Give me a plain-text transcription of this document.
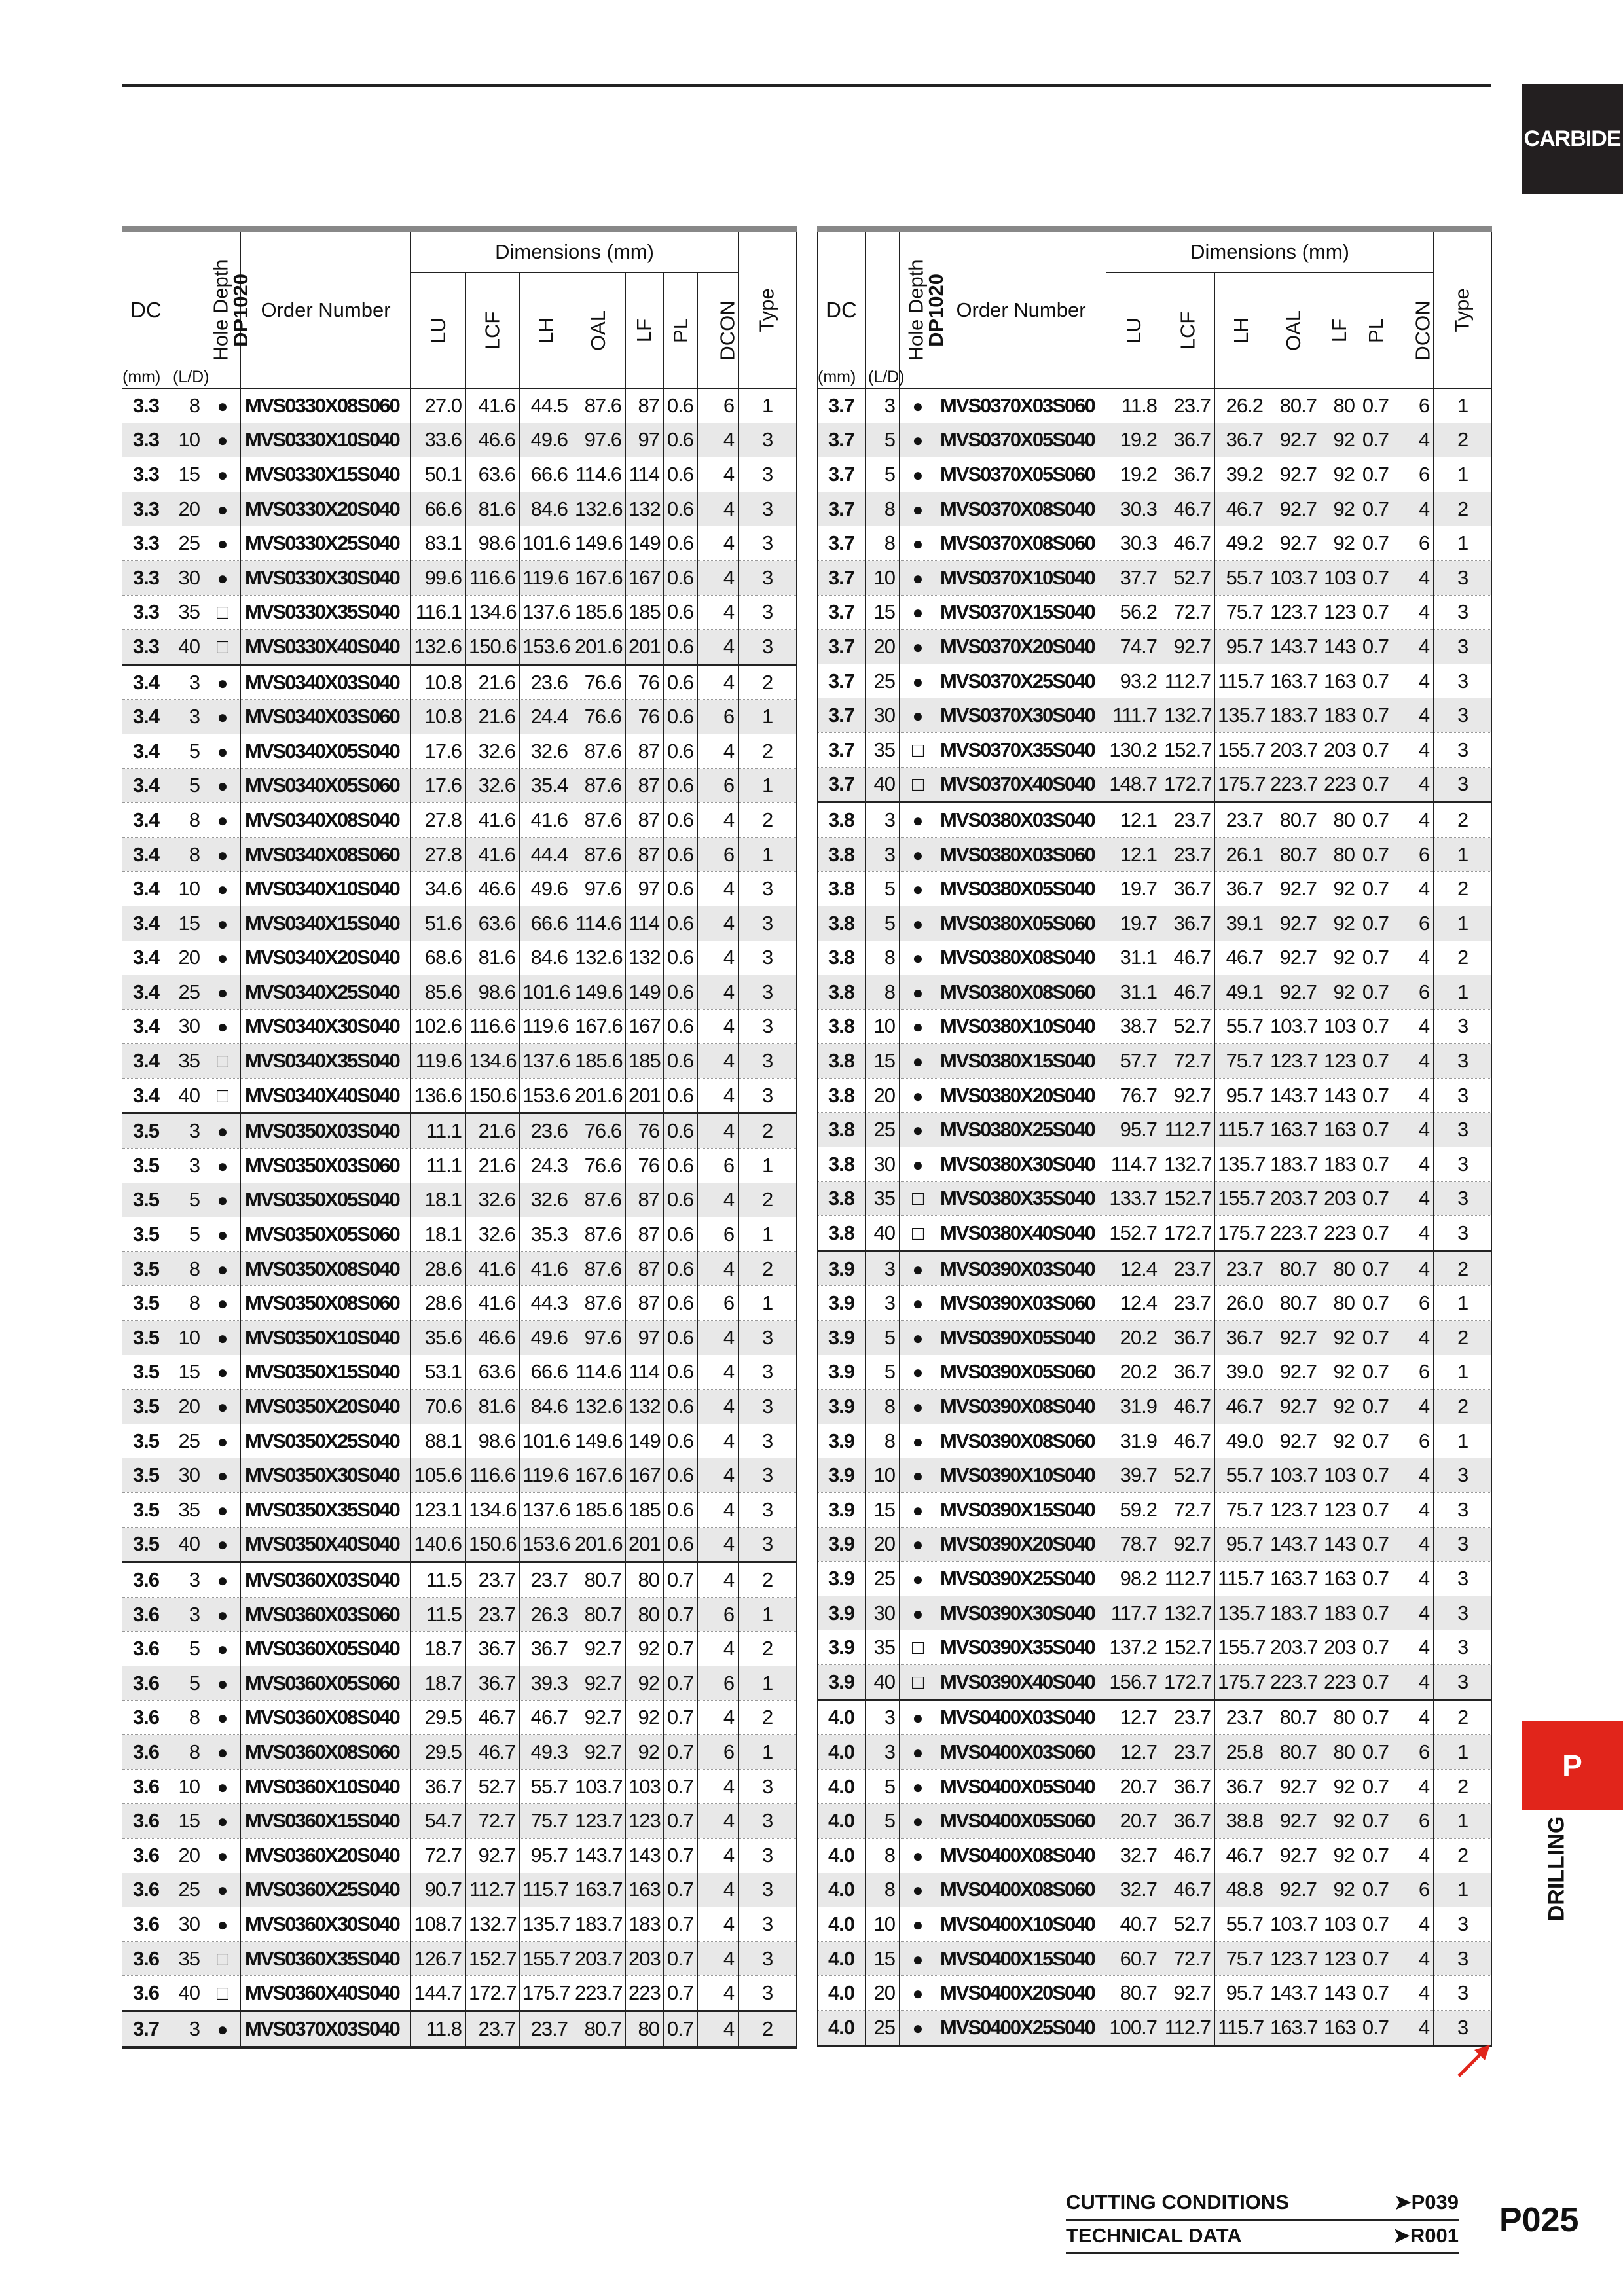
CARBIDE
P
DRILLING
DC
(mm)	Hole Depth
(L/D)	DP1020	Order Number	Dimensions (mm)							Type
				LU	LCF	LH	OAL	LF	PL	DCON	
3.3	8	●	MVS0330X08S060	27.0	41.6	44.5	87.6	87	0.6	6	1
3.3	10	●	MVS0330X10S040	33.6	46.6	49.6	97.6	97	0.6	4	3
3.3	15	●	MVS0330X15S040	50.1	63.6	66.6	114.6	114	0.6	4	3
3.3	20	●	MVS0330X20S040	66.6	81.6	84.6	132.6	132	0.6	4	3
3.3	25	●	MVS0330X25S040	83.1	98.6	101.6	149.6	149	0.6	4	3
3.3	30	●	MVS0330X30S040	99.6	116.6	119.6	167.6	167	0.6	4	3
3.3	35	□	MVS0330X35S040	116.1	134.6	137.6	185.6	185	0.6	4	3
3.3	40	□	MVS0330X40S040	132.6	150.6	153.6	201.6	201	0.6	4	3
3.4	3	●	MVS0340X03S040	10.8	21.6	23.6	76.6	76	0.6	4	2
3.4	3	●	MVS0340X03S060	10.8	21.6	24.4	76.6	76	0.6	6	1
3.4	5	●	MVS0340X05S040	17.6	32.6	32.6	87.6	87	0.6	4	2
3.4	5	●	MVS0340X05S060	17.6	32.6	35.4	87.6	87	0.6	6	1
3.4	8	●	MVS0340X08S040	27.8	41.6	41.6	87.6	87	0.6	4	2
3.4	8	●	MVS0340X08S060	27.8	41.6	44.4	87.6	87	0.6	6	1
3.4	10	●	MVS0340X10S040	34.6	46.6	49.6	97.6	97	0.6	4	3
3.4	15	●	MVS0340X15S040	51.6	63.6	66.6	114.6	114	0.6	4	3
3.4	20	●	MVS0340X20S040	68.6	81.6	84.6	132.6	132	0.6	4	3
3.4	25	●	MVS0340X25S040	85.6	98.6	101.6	149.6	149	0.6	4	3
3.4	30	●	MVS0340X30S040	102.6	116.6	119.6	167.6	167	0.6	4	3
3.4	35	□	MVS0340X35S040	119.6	134.6	137.6	185.6	185	0.6	4	3
3.4	40	□	MVS0340X40S040	136.6	150.6	153.6	201.6	201	0.6	4	3
3.5	3	●	MVS0350X03S040	11.1	21.6	23.6	76.6	76	0.6	4	2
3.5	3	●	MVS0350X03S060	11.1	21.6	24.3	76.6	76	0.6	6	1
3.5	5	●	MVS0350X05S040	18.1	32.6	32.6	87.6	87	0.6	4	2
3.5	5	●	MVS0350X05S060	18.1	32.6	35.3	87.6	87	0.6	6	1
3.5	8	●	MVS0350X08S040	28.6	41.6	41.6	87.6	87	0.6	4	2
3.5	8	●	MVS0350X08S060	28.6	41.6	44.3	87.6	87	0.6	6	1
3.5	10	●	MVS0350X10S040	35.6	46.6	49.6	97.6	97	0.6	4	3
3.5	15	●	MVS0350X15S040	53.1	63.6	66.6	114.6	114	0.6	4	3
3.5	20	●	MVS0350X20S040	70.6	81.6	84.6	132.6	132	0.6	4	3
3.5	25	●	MVS0350X25S040	88.1	98.6	101.6	149.6	149	0.6	4	3
3.5	30	●	MVS0350X30S040	105.6	116.6	119.6	167.6	167	0.6	4	3
3.5	35	●	MVS0350X35S040	123.1	134.6	137.6	185.6	185	0.6	4	3
3.5	40	●	MVS0350X40S040	140.6	150.6	153.6	201.6	201	0.6	4	3
3.6	3	●	MVS0360X03S040	11.5	23.7	23.7	80.7	80	0.7	4	2
3.6	3	●	MVS0360X03S060	11.5	23.7	26.3	80.7	80	0.7	6	1
3.6	5	●	MVS0360X05S040	18.7	36.7	36.7	92.7	92	0.7	4	2
3.6	5	●	MVS0360X05S060	18.7	36.7	39.3	92.7	92	0.7	6	1
3.6	8	●	MVS0360X08S040	29.5	46.7	46.7	92.7	92	0.7	4	2
3.6	8	●	MVS0360X08S060	29.5	46.7	49.3	92.7	92	0.7	6	1
3.6	10	●	MVS0360X10S040	36.7	52.7	55.7	103.7	103	0.7	4	3
3.6	15	●	MVS0360X15S040	54.7	72.7	75.7	123.7	123	0.7	4	3
3.6	20	●	MVS0360X20S040	72.7	92.7	95.7	143.7	143	0.7	4	3
3.6	25	●	MVS0360X25S040	90.7	112.7	115.7	163.7	163	0.7	4	3
3.6	30	●	MVS0360X30S040	108.7	132.7	135.7	183.7	183	0.7	4	3
3.6	35	□	MVS0360X35S040	126.7	152.7	155.7	203.7	203	0.7	4	3
3.6	40	□	MVS0360X40S040	144.7	172.7	175.7	223.7	223	0.7	4	3
3.7	3	●	MVS0370X03S040	11.8	23.7	23.7	80.7	80	0.7	4	2
DC
(mm)	Hole Depth
(L/D)	DP1020	Order Number	Dimensions (mm)							Type
				LU	LCF	LH	OAL	LF	PL	DCON	
3.7	3	●	MVS0370X03S060	11.8	23.7	26.2	80.7	80	0.7	6	1
3.7	5	●	MVS0370X05S040	19.2	36.7	36.7	92.7	92	0.7	4	2
3.7	5	●	MVS0370X05S060	19.2	36.7	39.2	92.7	92	0.7	6	1
3.7	8	●	MVS0370X08S040	30.3	46.7	46.7	92.7	92	0.7	4	2
3.7	8	●	MVS0370X08S060	30.3	46.7	49.2	92.7	92	0.7	6	1
3.7	10	●	MVS0370X10S040	37.7	52.7	55.7	103.7	103	0.7	4	3
3.7	15	●	MVS0370X15S040	56.2	72.7	75.7	123.7	123	0.7	4	3
3.7	20	●	MVS0370X20S040	74.7	92.7	95.7	143.7	143	0.7	4	3
3.7	25	●	MVS0370X25S040	93.2	112.7	115.7	163.7	163	0.7	4	3
3.7	30	●	MVS0370X30S040	111.7	132.7	135.7	183.7	183	0.7	4	3
3.7	35	□	MVS0370X35S040	130.2	152.7	155.7	203.7	203	0.7	4	3
3.7	40	□	MVS0370X40S040	148.7	172.7	175.7	223.7	223	0.7	4	3
3.8	3	●	MVS0380X03S040	12.1	23.7	23.7	80.7	80	0.7	4	2
3.8	3	●	MVS0380X03S060	12.1	23.7	26.1	80.7	80	0.7	6	1
3.8	5	●	MVS0380X05S040	19.7	36.7	36.7	92.7	92	0.7	4	2
3.8	5	●	MVS0380X05S060	19.7	36.7	39.1	92.7	92	0.7	6	1
3.8	8	●	MVS0380X08S040	31.1	46.7	46.7	92.7	92	0.7	4	2
3.8	8	●	MVS0380X08S060	31.1	46.7	49.1	92.7	92	0.7	6	1
3.8	10	●	MVS0380X10S040	38.7	52.7	55.7	103.7	103	0.7	4	3
3.8	15	●	MVS0380X15S040	57.7	72.7	75.7	123.7	123	0.7	4	3
3.8	20	●	MVS0380X20S040	76.7	92.7	95.7	143.7	143	0.7	4	3
3.8	25	●	MVS0380X25S040	95.7	112.7	115.7	163.7	163	0.7	4	3
3.8	30	●	MVS0380X30S040	114.7	132.7	135.7	183.7	183	0.7	4	3
3.8	35	□	MVS0380X35S040	133.7	152.7	155.7	203.7	203	0.7	4	3
3.8	40	□	MVS0380X40S040	152.7	172.7	175.7	223.7	223	0.7	4	3
3.9	3	●	MVS0390X03S040	12.4	23.7	23.7	80.7	80	0.7	4	2
3.9	3	●	MVS0390X03S060	12.4	23.7	26.0	80.7	80	0.7	6	1
3.9	5	●	MVS0390X05S040	20.2	36.7	36.7	92.7	92	0.7	4	2
3.9	5	●	MVS0390X05S060	20.2	36.7	39.0	92.7	92	0.7	6	1
3.9	8	●	MVS0390X08S040	31.9	46.7	46.7	92.7	92	0.7	4	2
3.9	8	●	MVS0390X08S060	31.9	46.7	49.0	92.7	92	0.7	6	1
3.9	10	●	MVS0390X10S040	39.7	52.7	55.7	103.7	103	0.7	4	3
3.9	15	●	MVS0390X15S040	59.2	72.7	75.7	123.7	123	0.7	4	3
3.9	20	●	MVS0390X20S040	78.7	92.7	95.7	143.7	143	0.7	4	3
3.9	25	●	MVS0390X25S040	98.2	112.7	115.7	163.7	163	0.7	4	3
3.9	30	●	MVS0390X30S040	117.7	132.7	135.7	183.7	183	0.7	4	3
3.9	35	□	MVS0390X35S040	137.2	152.7	155.7	203.7	203	0.7	4	3
3.9	40	□	MVS0390X40S040	156.7	172.7	175.7	223.7	223	0.7	4	3
4.0	3	●	MVS0400X03S040	12.7	23.7	23.7	80.7	80	0.7	4	2
4.0	3	●	MVS0400X03S060	12.7	23.7	25.8	80.7	80	0.7	6	1
4.0	5	●	MVS0400X05S040	20.7	36.7	36.7	92.7	92	0.7	4	2
4.0	5	●	MVS0400X05S060	20.7	36.7	38.8	92.7	92	0.7	6	1
4.0	8	●	MVS0400X08S040	32.7	46.7	46.7	92.7	92	0.7	4	2
4.0	8	●	MVS0400X08S060	32.7	46.7	48.8	92.7	92	0.7	6	1
4.0	10	●	MVS0400X10S040	40.7	52.7	55.7	103.7	103	0.7	4	3
4.0	15	●	MVS0400X15S040	60.7	72.7	75.7	123.7	123	0.7	4	3
4.0	20	●	MVS0400X20S040	80.7	92.7	95.7	143.7	143	0.7	4	3
4.0	25	●	MVS0400X25S040	100.7	112.7	115.7	163.7	163	0.7	4	3
CUTTING CONDITIONS	➤ P039
TECHNICAL DATA	➤ R001 P025
